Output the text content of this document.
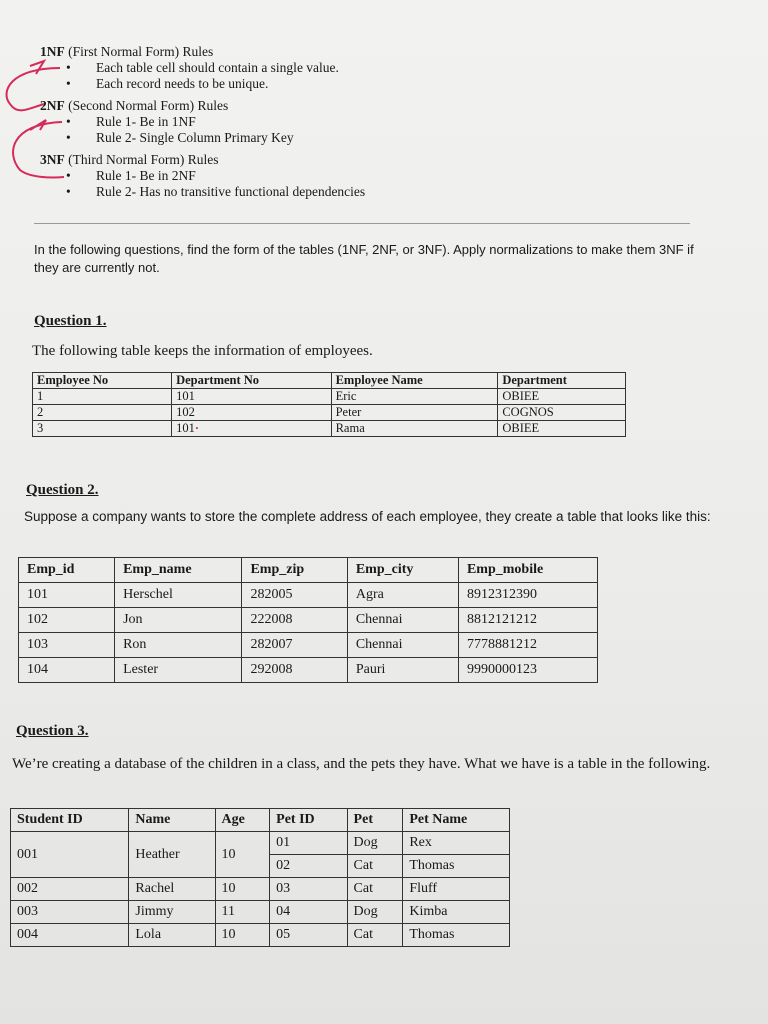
1NF (First Normal Form) Rules
• Each table cell should contain a single value.
• Each record needs to be unique.
2NF (Second Normal Form) Rules
• Rule 1- Be in 1NF
• Rule 2- Single Column Primary Key
3NF (Third Normal Form) Rules
• Rule 1- Be in 2NF
• Rule 2- Has no transitive functional dependencies
In the following questions, find the form of the tables (1NF, 2NF, or 3NF). Apply normalizations to make them 3NF if they are currently not.
Question 1.
The following table keeps the information of employees.
Employee No	Department No	Employee Name	Department
1	101	Eric	OBIEE
2	102	Peter	COGNOS
3	101·	Rama	OBIEE
Question 2.
Suppose a company wants to store the complete address of each employee, they create a table that looks like this:
Emp_id	Emp_name	Emp_zip	Emp_city	Emp_mobile
101	Herschel	282005	Agra	8912312390
102	Jon	222008	Chennai	8812121212
103	Ron	282007	Chennai	7778881212
104	Lester	292008	Pauri	9990000123
Question 3.
We’re creating a database of the children in a class, and the pets they have. What we have is a table in the following.
Student ID	Name	Age	Pet ID	Pet	Pet Name
001	Heather	10	01	Dog	Rex
			02	Cat	Thomas
002	Rachel	10	03	Cat	Fluff
003	Jimmy	11	04	Dog	Kimba
004	Lola	10	05	Cat	Thomas
